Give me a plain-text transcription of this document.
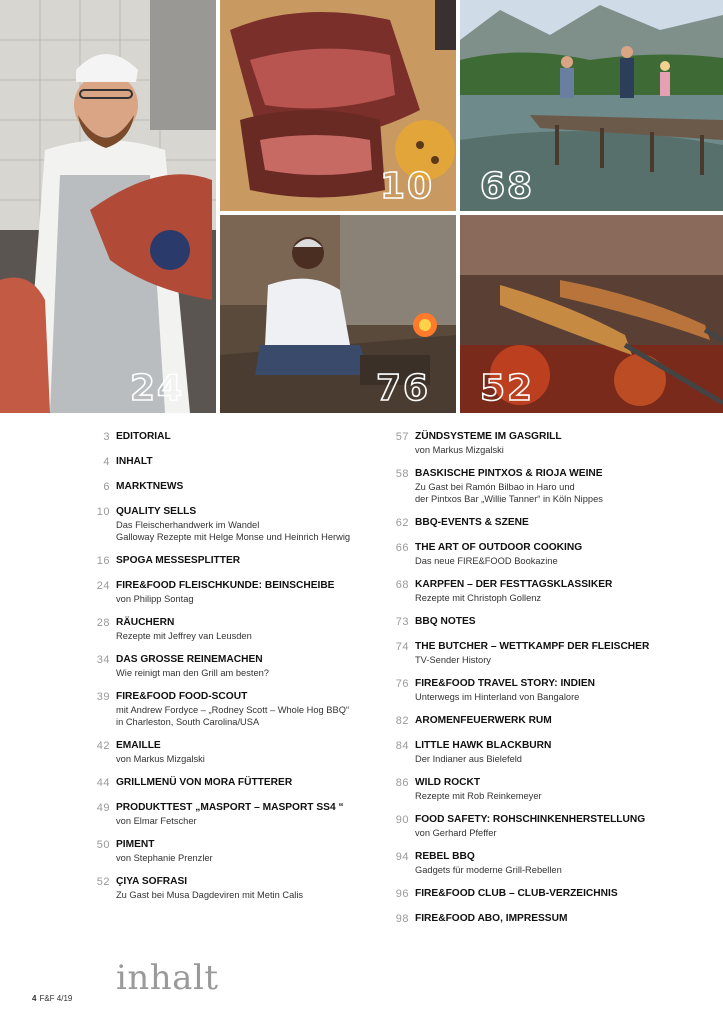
24
10 68
76 52
3 EDITORIAL
4 INHALT
6 MARKTNEWS
10 QUALITY SELLS
Das Fleischerhandwerk im Wandel
Galloway Rezepte mit Helge Monse und Heinrich Herwig
16 SPOGA MESSESPLITTER
24 FIRE&FOOD FLEISCHKUNDE: BEINSCHEIBE
von Philipp Sontag
28 RÄUCHERN
Rezepte mit Jeffrey van Leusden
34 DAS GROSSE REINEMACHEN
Wie reinigt man den Grill am besten?
39 FIRE&FOOD FOOD-SCOUT
mit Andrew Fordyce – „Rodney Scott – Whole Hog BBQ“
in Charleston, South Carolina/USA
42 EMAILLE
von Markus Mizgalski
44 GRILLMENÜ VON MORA FÜTTERER
49 PRODUKTTEST „MASPORT – MASPORT SS4 “
von Elmar Fetscher
50 PIMENT
von Stephanie Prenzler
52 ÇIYA SOFRASI
Zu Gast bei Musa Dagdeviren mit Metin Calis
57 ZÜNDSYSTEME IM GASGRILL
von Markus Mizgalski
58 BASKISCHE PINTXOS & RIOJA WEINE
Zu Gast bei Ramón Bilbao in Haro und
der Pintxos Bar „Willie Tanner“ in Köln Nippes
62 BBQ-EVENTS & SZENE
66 THE ART OF OUTDOOR COOKING
Das neue FIRE&FOOD Bookazine
68 KARPFEN – DER FESTTAGSKLASSIKER
Rezepte mit Christoph Gollenz
73 BBQ NOTES
74 THE BUTCHER – WETTKAMPF DER FLEISCHER
TV-Sender History
76 FIRE&FOOD TRAVEL STORY: INDIEN
Unterwegs im Hinterland von Bangalore
82 AROMENFEUERWERK RUM
84 LITTLE HAWK BLACKBURN
Der Indianer aus Bielefeld
86 WILD ROCKT
Rezepte mit Rob Reinkemeyer
90 FOOD SAFETY: ROHSCHINKENHERSTELLUNG
von Gerhard Pfeffer
94 REBEL BBQ
Gadgets für moderne Grill-Rebellen
96 FIRE&FOOD CLUB – CLUB-VERZEICHNIS
98 FIRE&FOOD ABO, IMPRESSUM
inhalt
4 F&F 4/19
